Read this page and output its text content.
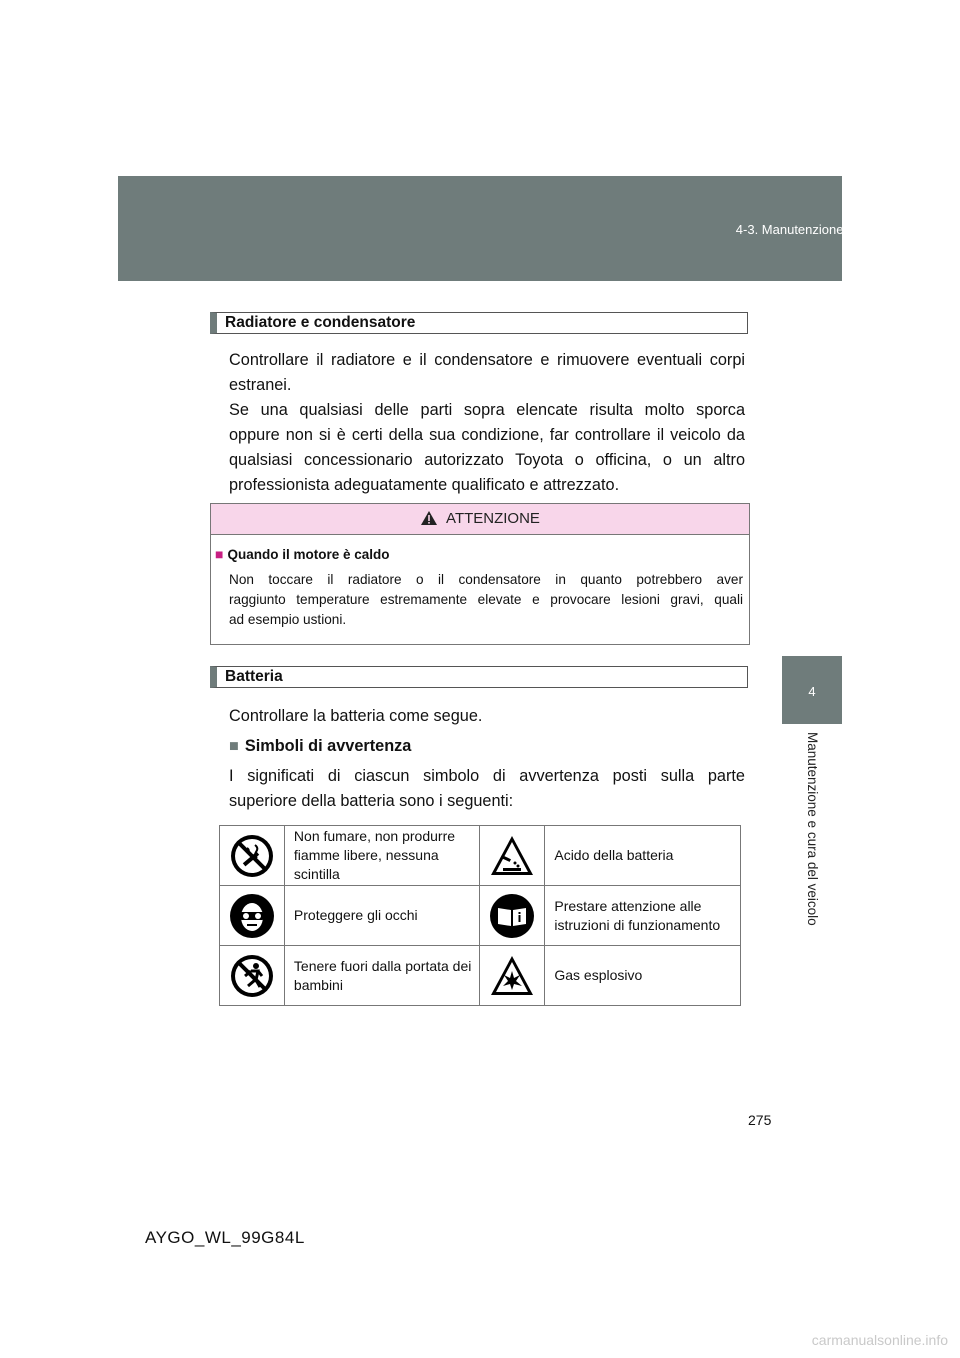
4-3. Manutenzione “fai da te”
4
Manutenzione e cura del veicolo
Radiatore e condensatore
Controllare il radiatore e il condensatore e rimuovere eventuali corpi
estranei.
Se una qualsiasi delle parti sopra elencate risulta molto sporca
oppure non si è certi della sua condizione, far controllare il veicolo da
qualsiasi concessionario autorizzato Toyota o officina, o un altro
professionista adeguatamente qualificato e attrezzato.
ATTENZIONE
■ Quando il motore è caldo
Non toccare il radiatore o il condensatore in quanto potrebbero aver
raggiunto temperature estremamente elevate e provocare lesioni gravi, quali
ad esempio ustioni.
Batteria
Controllare la batteria come segue.
■ Simboli di avvertenza
I significati di ciascun simbolo di avvertenza posti sulla parte
superiore della batteria sono i seguenti:
	Non fumare, non produrre fiamme libere, nessuna scintilla		Acido della batteria

	Proteggere gli occhi		Prestare attenzione alle istruzioni di funzionamento

	Tenere fuori dalla portata dei bambini		Gas esplosivo
275
AYGO_WL_99G84L
carmanualsonline.info
